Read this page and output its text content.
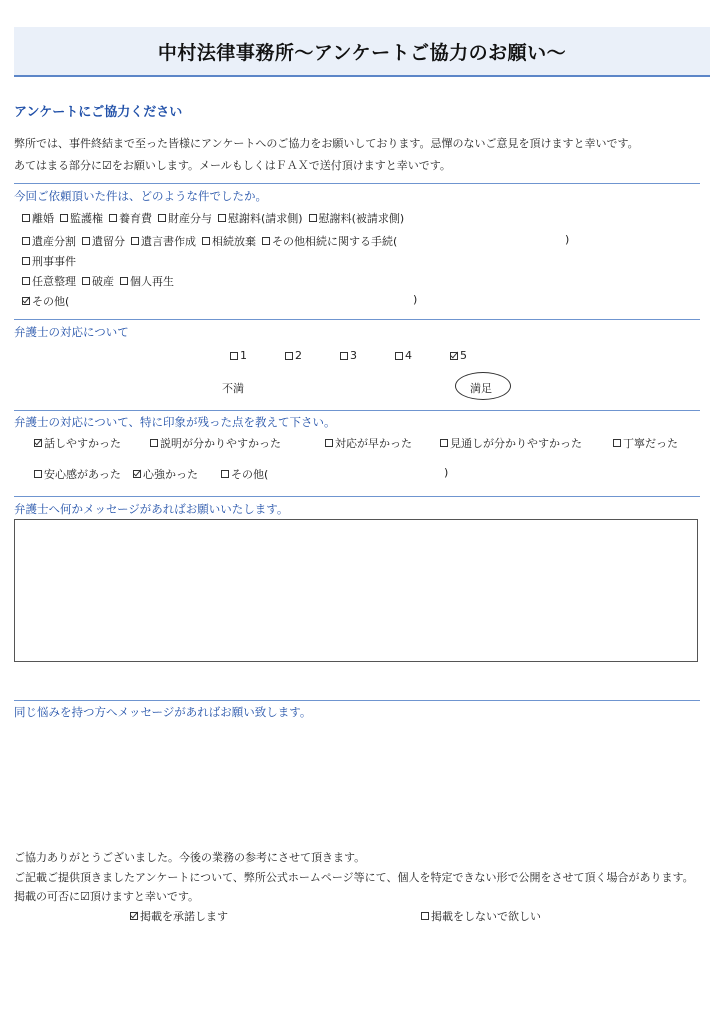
中村法律事務所〜アンケートご協力のお願い〜
アンケートにご協力ください
弊所では、事件終結まで至った皆様にアンケートへのご協力をお願いしております。忌憚のないご意見を頂けますと幸いです。
あてはまる部分に☑をお願いします。メールもしくはＦＡＸで送付頂けますと幸いです。
今回ご依頼頂いた件は、どのような件でしたか。
離婚 監護権 養育費 財産分与 慰謝料(請求側) 慰謝料(被請求側)
遺産分割 遺留分 遺言書作成 相続放棄 その他相続に関する手続(
刑事事件
任意整理 破産 個人再生
その他(
)
)
弁護士の対応について
1	2	3	4	5
不満	満足
弁護士の対応について、特に印象が残った点を教えて下さい。
話しやすかった	説明が分かりやすかった	対応が早かった	見通しが分かりやすかった	丁寧だった
安心感があった 心強かった	その他(	)
弁護士へ何かメッセージがあればお願いいたします。
同じ悩みを持つ方へメッセージがあればお願い致します。
ご協力ありがとうございました。今後の業務の参考にさせて頂きます。
ご記載ご提供頂きましたアンケートについて、弊所公式ホームページ等にて、個人を特定できない形で公開をさせて頂く場合があります。
掲載の可否に☑頂けますと幸いです。
掲載を承諾します	掲載をしないで欲しい
